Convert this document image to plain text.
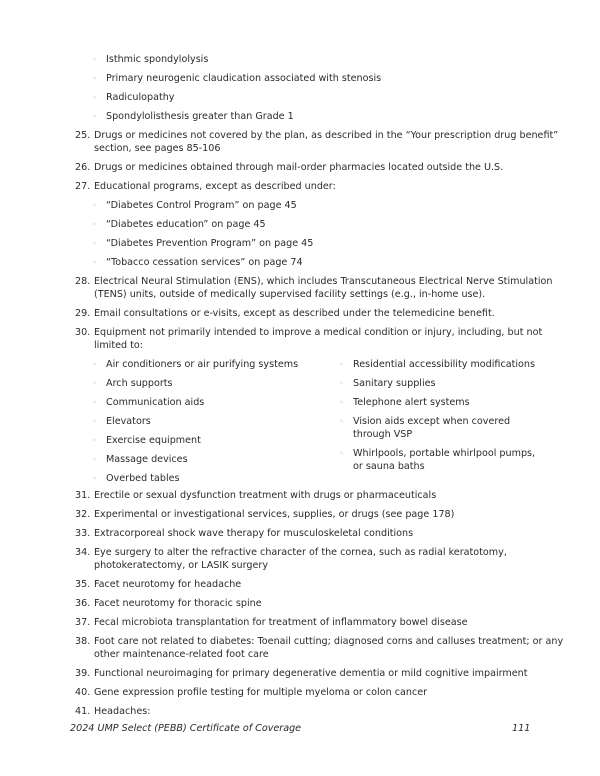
◦ Isthmic spondylolysis
◦ Primary neurogenic claudication associated with stenosis
◦ Radiculopathy
◦ Spondylolisthesis greater than Grade 1
25. Drugs or medicines not covered by the plan, as described in the “Your prescription drug benefit”
section, see pages 85-106
26. Drugs or medicines obtained through mail-order pharmacies located outside the U.S.
27. Educational programs, except as described under:
◦ “Diabetes Control Program” on page 45
◦ “Diabetes education” on page 45
◦ “Diabetes Prevention Program” on page 45
◦ “Tobacco cessation services” on page 74
28. Electrical Neural Stimulation (ENS), which includes Transcutaneous Electrical Nerve Stimulation
(TENS) units, outside of medically supervised facility settings (e.g., in-home use).
29. Email consultations or e-visits, except as described under the telemedicine benefit.
30. Equipment not primarily intended to improve a medical condition or injury, including, but not
limited to:
◦ Air conditioners or air purifying systems
◦ Arch supports
◦ Communication aids
◦ Elevators
◦ Exercise equipment
◦ Massage devices
◦ Overbed tables
◦ Residential accessibility modifications
◦ Sanitary supplies
◦ Telephone alert systems
◦ Vision aids except when covered
through VSP
◦ Whirlpools, portable whirlpool pumps,
or sauna baths
31. Erectile or sexual dysfunction treatment with drugs or pharmaceuticals
32. Experimental or investigational services, supplies, or drugs (see page 178)
33. Extracorporeal shock wave therapy for musculoskeletal conditions
34. Eye surgery to alter the refractive character of the cornea, such as radial keratotomy,
photokeratectomy, or LASIK surgery
35. Facet neurotomy for headache
36. Facet neurotomy for thoracic spine
37. Fecal microbiota transplantation for treatment of inflammatory bowel disease
38. Foot care not related to diabetes: Toenail cutting; diagnosed corns and calluses treatment; or any
other maintenance-related foot care
39. Functional neuroimaging for primary degenerative dementia or mild cognitive impairment
40. Gene expression profile testing for multiple myeloma or colon cancer
41. Headaches:
2024 UMP Select (PEBB) Certificate of Coverage	111
